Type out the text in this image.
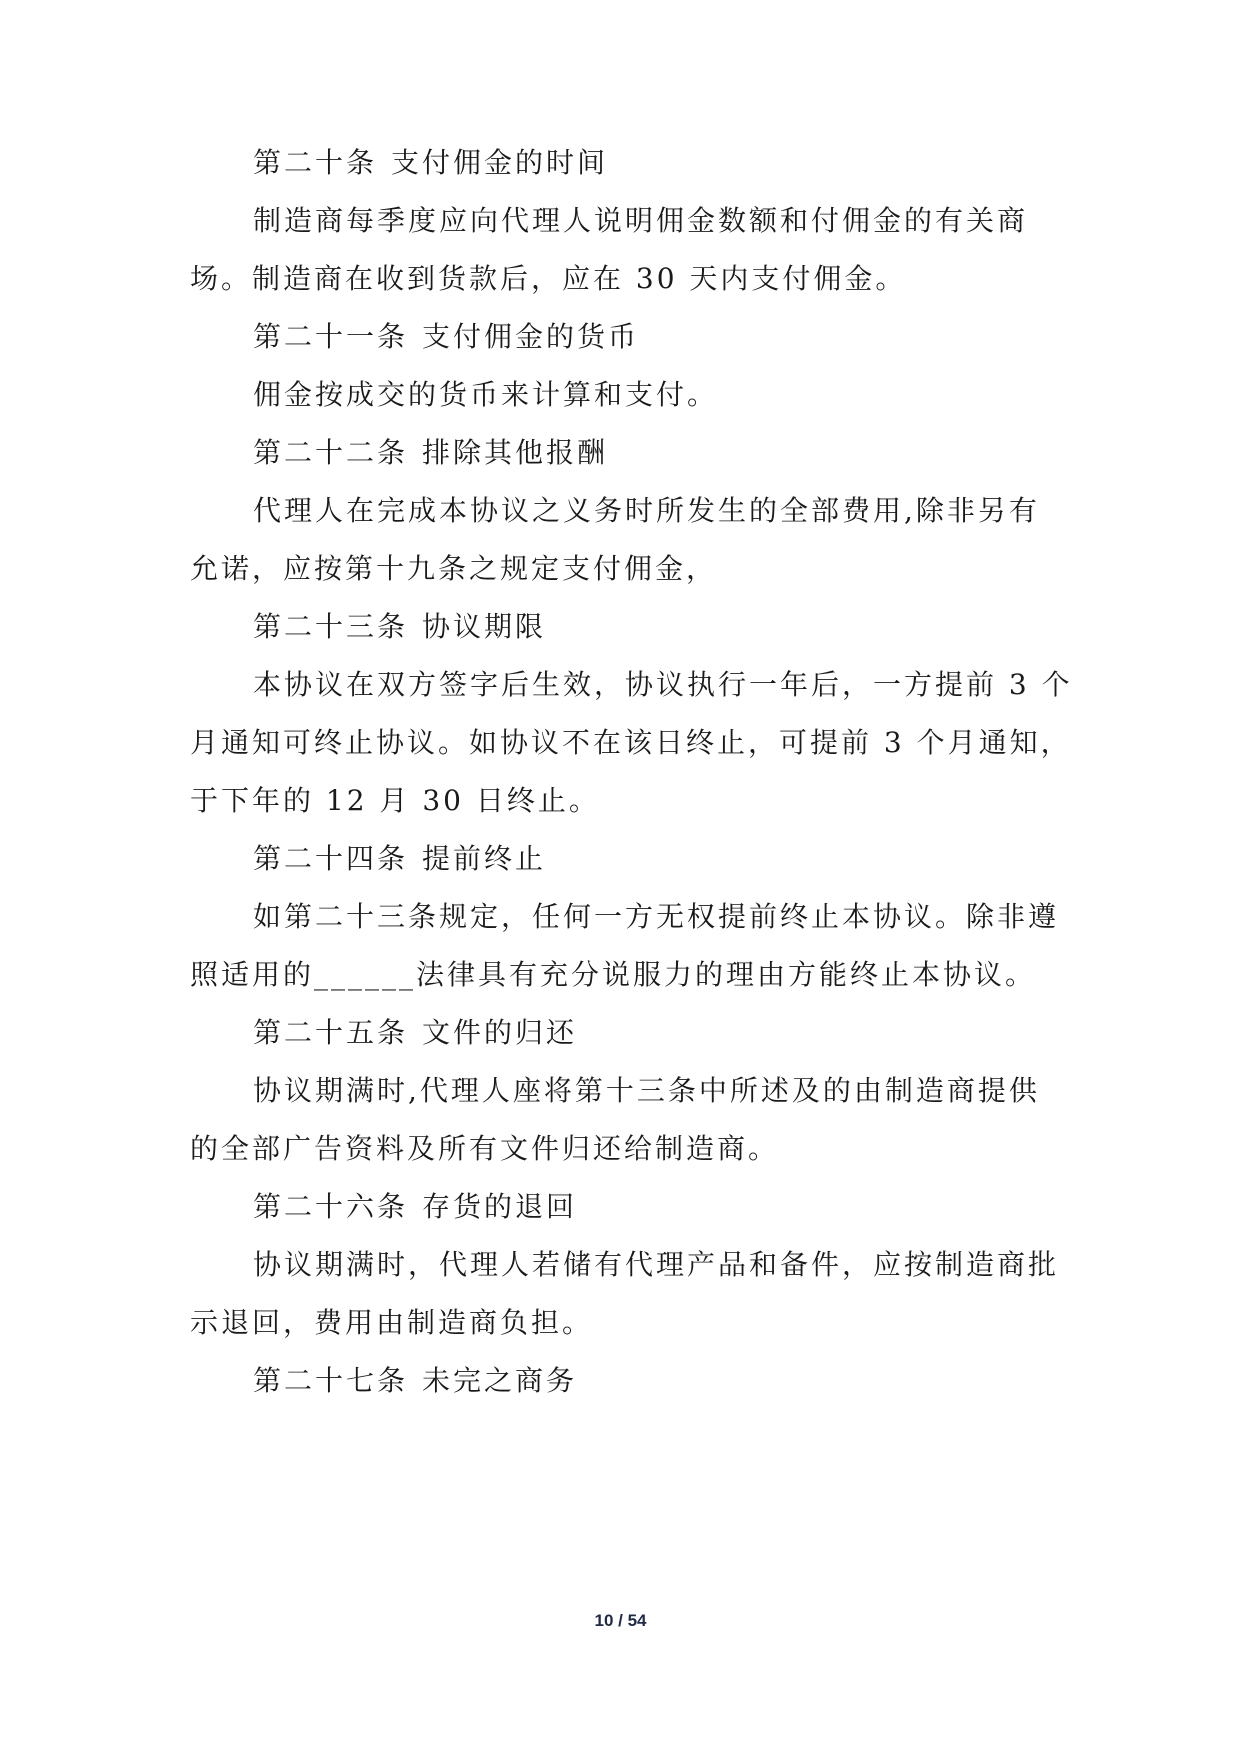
第二十条 支付佣金的时间
制造商每季度应向代理人说明佣金数额和付佣金的有关商
场。制造商在收到货款后，应在 30 天内支付佣金。
第二十一条 支付佣金的货币
佣金按成交的货币来计算和支付。
第二十二条 排除其他报酬
代理人在完成本协议之义务时所发生的全部费用,除非另有
允诺，应按第十九条之规定支付佣金，
第二十三条 协议期限
本协议在双方签字后生效，协议执行一年后，一方提前 3 个
月通知可终止协议。如协议不在该日终止，可提前 3 个月通知，
于下年的 12 月 30 日终止。
第二十四条 提前终止
如第二十三条规定，任何一方无权提前终止本协议。除非遵
照适用的______法律具有充分说服力的理由方能终止本协议。
第二十五条 文件的归还
协议期满时,代理人座将第十三条中所述及的由制造商提供
的全部广告资料及所有文件归还给制造商。
第二十六条 存货的退回
协议期满时，代理人若储有代理产品和备件，应按制造商批
示退回，费用由制造商负担。
第二十七条 未完之商务
10 / 54
